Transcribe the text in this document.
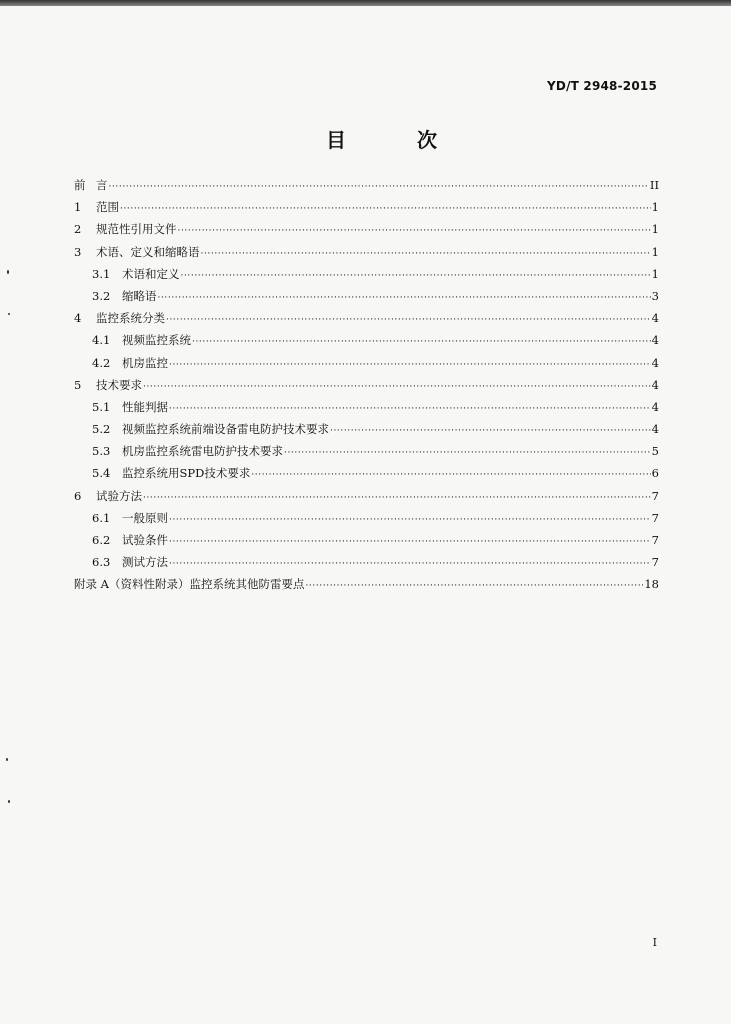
YD/T 2948-2015
目 次
前 言 ·····	II
1	范围 ·····	1
2	规范性引用文件 ·····	1
3	术语、定义和缩略语 ·····	1
3.1	术语和定义 ·····	1
3.2	缩略语 ·····	3
4	监控系统分类 ·····	4
4.1	视频监控系统 ·····	4
4.2	机房监控 ·····	4
5	技术要求 ·····	4
5.1	性能判据 ·····	4
5.2	视频监控系统前端设备雷电防护技术要求 ·····	4
5.3	机房监控系统雷电防护技术要求 ·····	5
5.4	监控系统用SPD技术要求 ·····	6
6	试验方法 ·····	7
6.1	一般原则 ·····	7
6.2	试验条件 ·····	7
6.3	测试方法 ·····	7
附录 A（资料性附录） 监控系统其他防雷要点 ·····	18
I
